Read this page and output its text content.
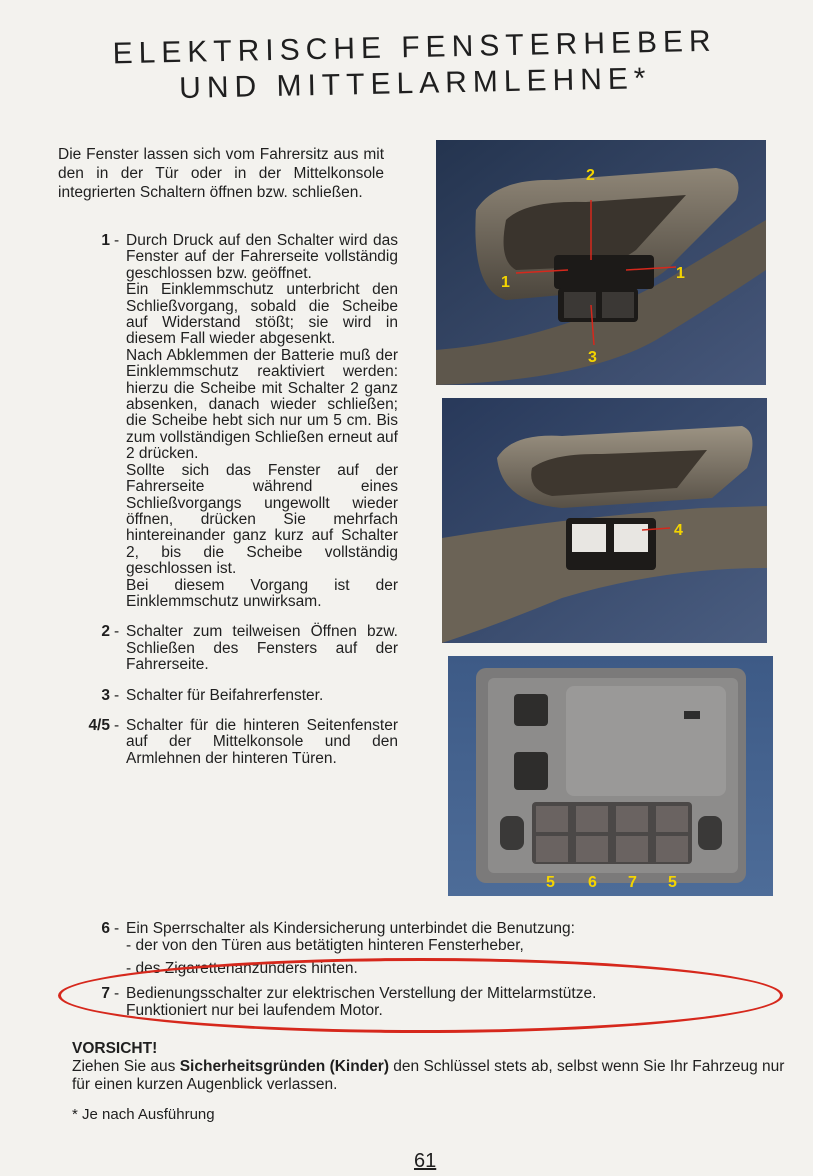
ELEKTRISCHE FENSTERHEBER
UND MITTELARMLEHNE*
Die Fenster lassen sich vom Fahrersitz aus mit den in der Tür oder in der Mittelkonsole integrierten Schaltern öffnen bzw. schließen.
1 - Durch Druck auf den Schalter wird das Fenster auf der Fahrerseite vollständig geschlossen bzw. geöffnet.

Ein Einklemmschutz unterbricht den Schließvorgang, sobald die Scheibe auf Widerstand stößt; sie wird in diesem Fall wieder abgesenkt.

Nach Abklemmen der Batterie muß der Einklemmschutz reaktiviert werden: hierzu die Scheibe mit Schalter 2 ganz absenken, danach wieder schließen; die Scheibe hebt sich nur um 5 cm. Bis zum vollständigen Schließen erneut auf 2 drücken.

Sollte sich das Fenster auf der Fahrerseite während eines Schließvorgangs ungewollt wieder öffnen, drücken Sie mehrfach hintereinander ganz kurz auf Schalter 2, bis die Scheibe vollständig geschlossen ist.

Bei diesem Vorgang ist der Einklemmschutz unwirksam.

2 - Schalter zum teilweisen Öffnen bzw. Schließen des Fensters auf der Fahrerseite.

3 - Schalter für Beifahrerfenster.

4/5 - Schalter für die hinteren Seitenfenster auf der Mittelkonsole und den Armlehnen der hinteren Türen.

2
1
1
3
4
5 6 7 5
6 - Ein Sperrschalter als Kindersicherung unterbindet die Benutzung:

- der von den Türen aus betätigten hinteren Fensterheber,

- des Zigarettenanzünders hinten.
7 - Bedienungsschalter zur elektrischen Verstellung der Mittelarmstütze.

Funktioniert nur bei laufendem Motor.

VORSICHT!
Ziehen Sie aus Sicherheitsgründen (Kinder) den Schlüssel stets ab, selbst wenn Sie Ihr Fahrzeug nur für einen kurzen Augenblick verlassen.
* Je nach Ausführung
61
